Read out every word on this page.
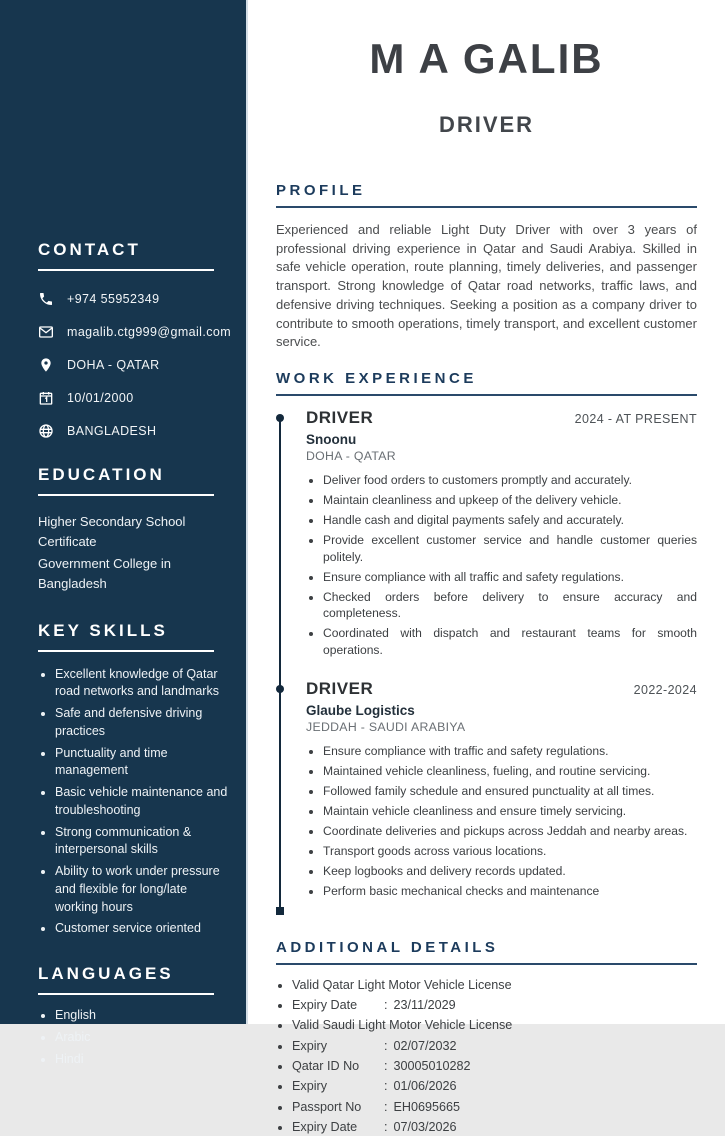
CONTACT
+974 55952349
magalib.ctg999@gmail.com
DOHA - QATAR
10/01/2000
BANGLADESH
EDUCATION
Higher Secondary School Certificate
Government College in Bangladesh
KEY SKILLS
• Excellent knowledge of Qatar road networks and landmarks
• Safe and defensive driving practices
• Punctuality and time management
• Basic vehicle maintenance and troubleshooting
• Strong communication & interpersonal skills
• Ability to work under pressure and flexible for long/late working hours
• Customer service oriented
LANGUAGES
• English
• Arabic
• Hindi
M A GALIB
DRIVER
PROFILE

Experienced and reliable Light Duty Driver with over 3 years of professional driving experience in Qatar and Saudi Arabiya. Skilled in safe vehicle operation, route planning, timely deliveries, and passenger transport. Strong knowledge of Qatar road networks, traffic laws, and defensive driving techniques. Seeking a position as a company driver to contribute to smooth operations, timely transport, and excellent customer service.

WORK EXPERIENCE
DRIVER	2024 - AT PRESENT
Snoonu
DOHA - QATAR
• Deliver food orders to customers promptly and accurately.
• Maintain cleanliness and upkeep of the delivery vehicle.
• Handle cash and digital payments safely and accurately.
• Provide excellent customer service and handle customer queries politely.
• Ensure compliance with all traffic and safety regulations.
• Checked orders before delivery to ensure accuracy and completeness.
• Coordinated with dispatch and restaurant teams for smooth operations.
DRIVER	2022-2024
Glaube Logistics
JEDDAH - SAUDI ARABIYA
• Ensure compliance with traffic and safety regulations.
• Maintained vehicle cleanliness, fueling, and routine servicing.
• Followed family schedule and ensured punctuality at all times.
• Maintain vehicle cleanliness and ensure timely servicing.
• Coordinate deliveries and pickups across Jeddah and nearby areas.
• Transport goods across various locations.
• Keep logbooks and delivery records updated.
• Perform basic mechanical checks and maintenance
ADDITIONAL DETAILS
• Valid Qatar Light Motor Vehicle License
• Expiry Date : 23/11/2029
• Valid Saudi Light Motor Vehicle License
• Expiry	: 02/07/2032
• Qatar ID No : 30005010282
• Expiry	: 01/06/2026
• Passport No : EH0695665
• Expiry Date : 07/03/2026
